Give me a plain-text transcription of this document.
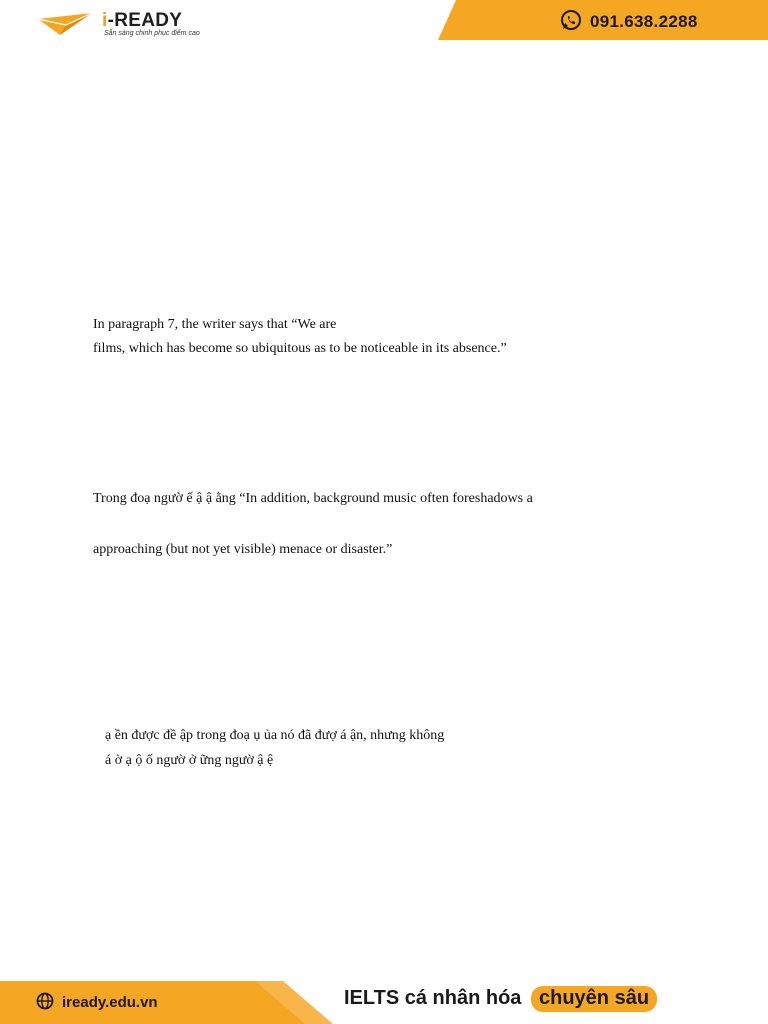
i-READY
Sẵn sàng chinh phục điểm cao
091.638.2288
In paragraph 7, the writer says that “We are
films, which has become so ubiquitous as to be noticeable in its absence.”
Trong đoạ ngườ ế ậ ậ ằng “In addition, background music often foreshadows a
approaching (but not yet visible) menace or disaster.”
ạ ền được đề ập trong đoạ ụ ủa nó đã đượ á ận, nhưng không
á ờ ạ ộ ố ngườ ở ững ngườ ậ ệ
iready.edu.vn	IELTS cá nhân hóa chuyên sâu
